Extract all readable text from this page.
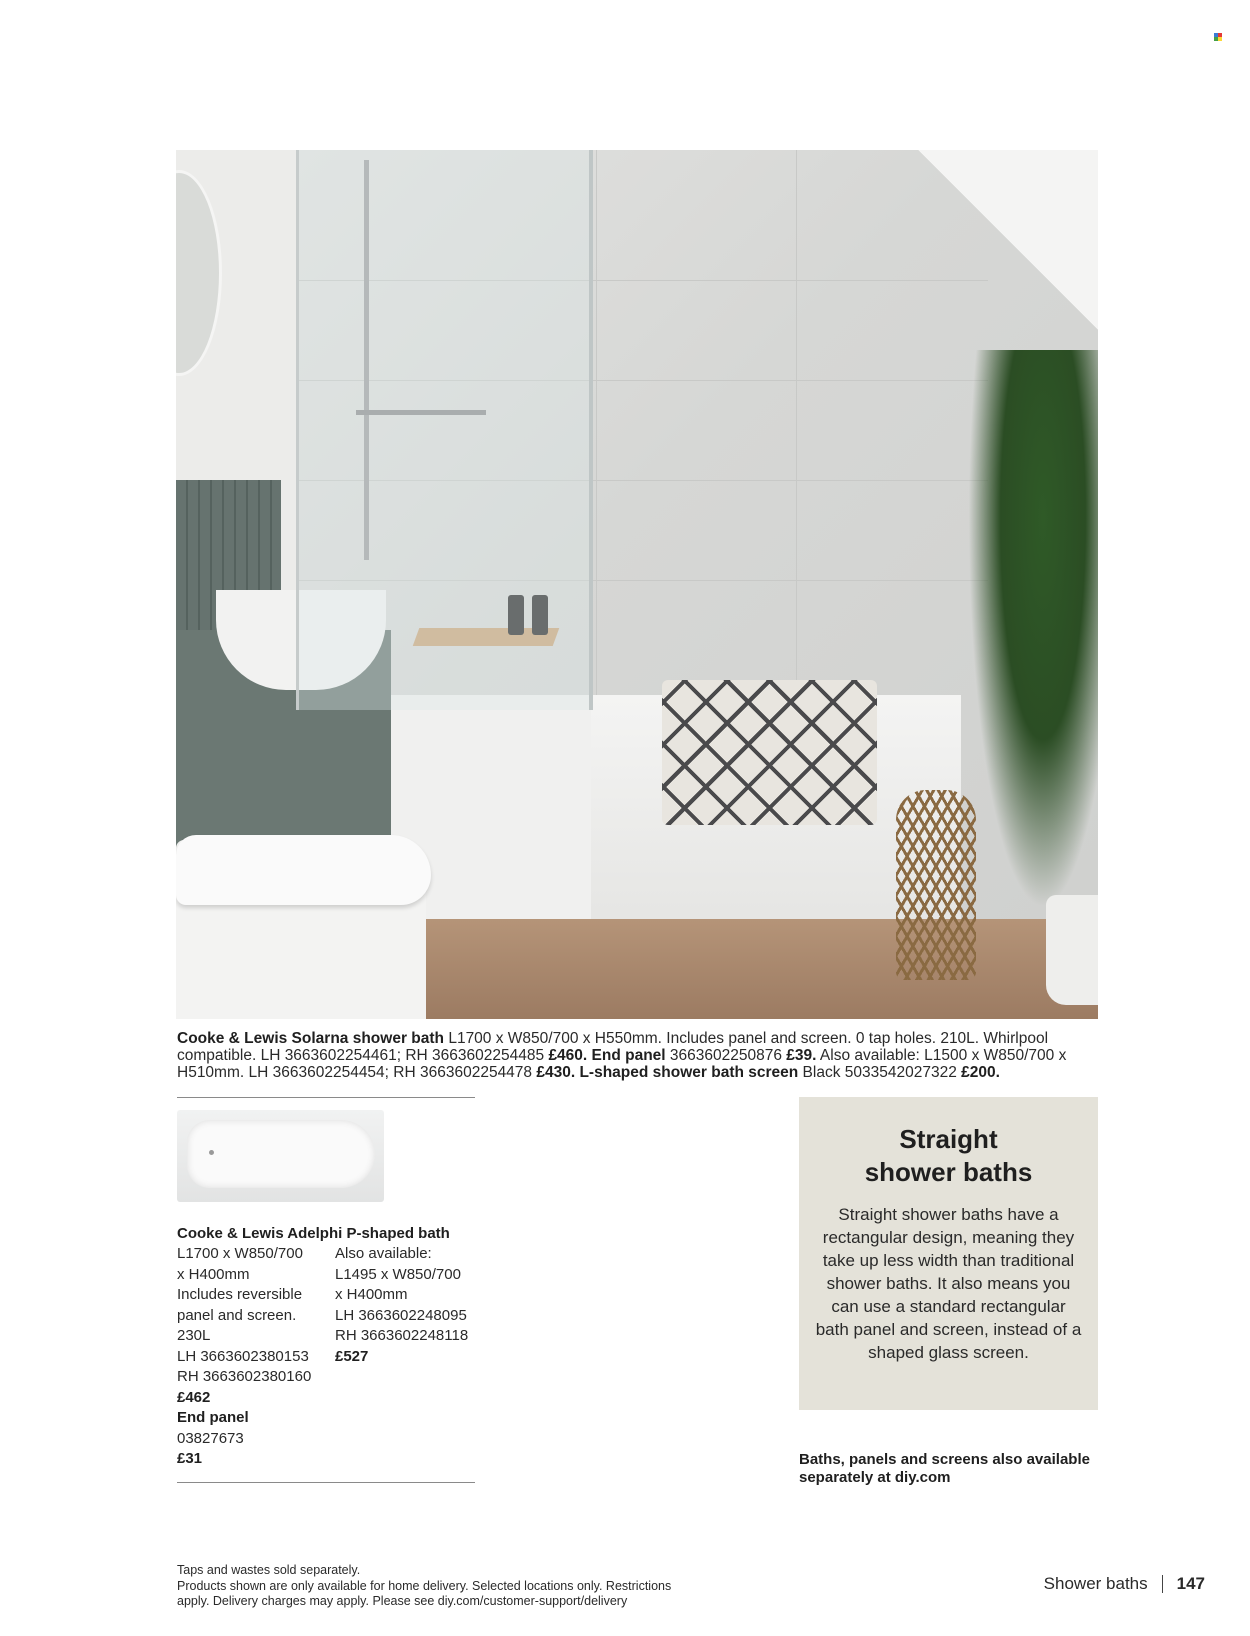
Cooke & Lewis Solarna shower bath L1700 x W850/700 x H550mm. Includes panel and screen. 0 tap holes. 210L. Whirlpool compatible. LH 3663602254461; RH 3663602254485 £460. End panel 3663602250876 £39. Also available: L1500 x W850/700 x H510mm. LH 3663602254454; RH 3663602254478 £430. L-shaped shower bath screen Black 5033542027322 £200.
Cooke & Lewis Adelphi P-shaped bath
L1700 x W850/700
x H400mm
Includes reversible
panel and screen.
230L
LH 3663602380153
RH 3663602380160
£462
End panel
03827673
£31
Also available:
L1495 x W850/700
x H400mm
LH 3663602248095
RH 3663602248118
£527
Straight
shower baths

Straight shower baths have a rectangular design, meaning they take up less width than traditional shower baths. It also means you can use a standard rectangular bath panel and screen, instead of a shaped glass screen.

Baths, panels and screens also available separately at diy.com
Taps and wastes sold separately.
Products shown are only available for home delivery. Selected locations only. Restrictions
apply. Delivery charges may apply. Please see diy.com/customer-support/delivery
Shower baths 147
